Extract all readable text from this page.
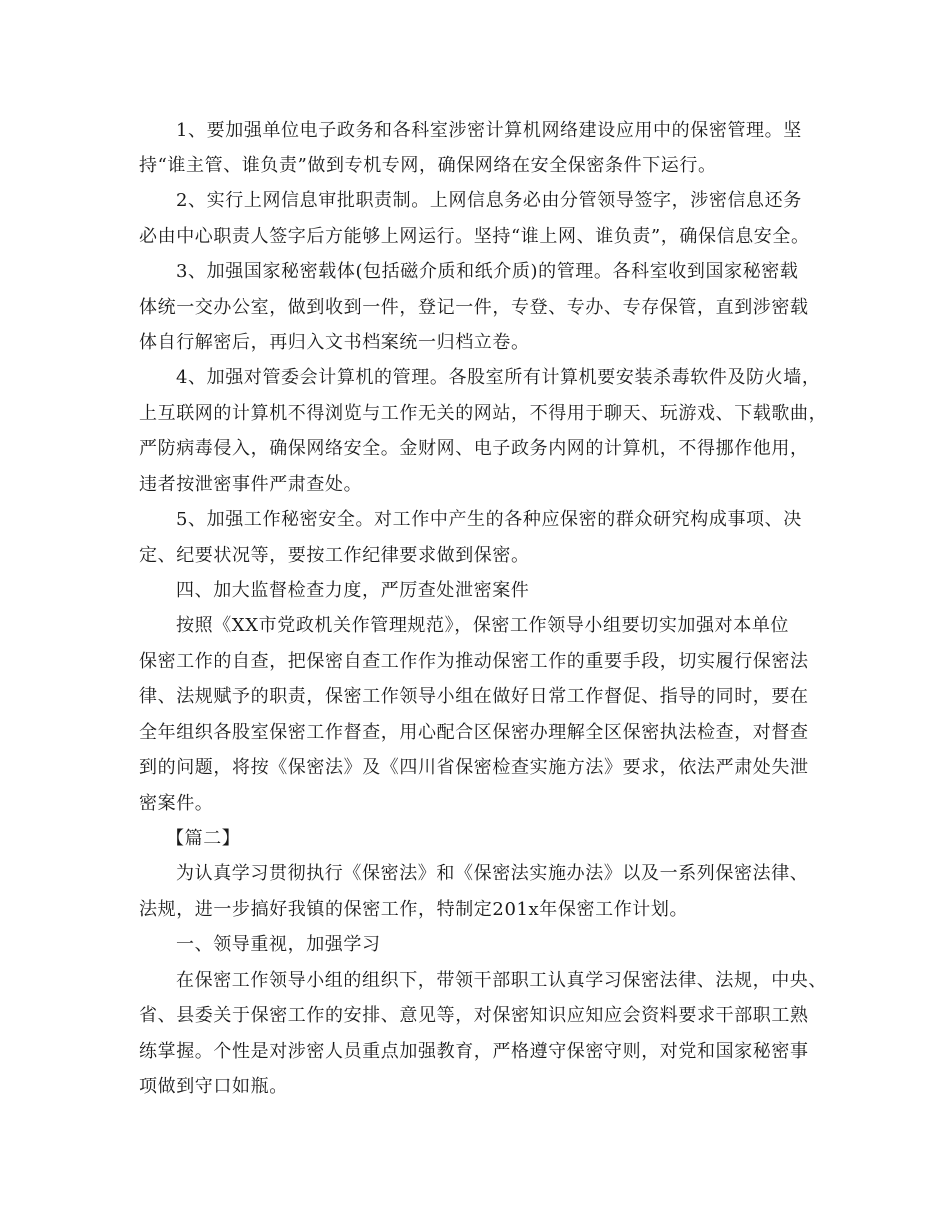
1、要加强单位电子政务和各科室涉密计算机网络建设应用中的保密管理。坚
持“谁主管、谁负责”做到专机专网，确保网络在安全保密条件下运行。
2、实行上网信息审批职责制。上网信息务必由分管领导签字，涉密信息还务
必由中心职责人签字后方能够上网运行。坚持“谁上网、谁负责”，确保信息安全。
3、加强国家秘密载体(包括磁介质和纸介质)的管理。各科室收到国家秘密载
体统一交办公室，做到收到一件，登记一件，专登、专办、专存保管，直到涉密载
体自行解密后，再归入文书档案统一归档立卷。
4、加强对管委会计算机的管理。各股室所有计算机要安装杀毒软件及防火墙，
上互联网的计算机不得浏览与工作无关的网站，不得用于聊天、玩游戏、下载歌曲，
严防病毒侵入，确保网络安全。金财网、电子政务内网的计算机，不得挪作他用，
违者按泄密事件严肃查处。
5、加强工作秘密安全。对工作中产生的各种应保密的群众研究构成事项、决
定、纪要状况等，要按工作纪律要求做到保密。
四、加大监督检查力度，严厉查处泄密案件
按照《XX市党政机关作管理规范》，保密工作领导小组要切实加强对本单位
保密工作的自查，把保密自查工作作为推动保密工作的重要手段，切实履行保密法
律、法规赋予的职责，保密工作领导小组在做好日常工作督促、指导的同时，要在
全年组织各股室保密工作督查，用心配合区保密办理解全区保密执法检查，对督查
到的问题，将按《保密法》及《四川省保密检查实施方法》要求，依法严肃处失泄
密案件。
【篇二】
为认真学习贯彻执行《保密法》和《保密法实施办法》以及一系列保密法律、
法规，进一步搞好我镇的保密工作，特制定201x年保密工作计划。
一、领导重视，加强学习
在保密工作领导小组的组织下，带领干部职工认真学习保密法律、法规，中央、
省、县委关于保密工作的安排、意见等，对保密知识应知应会资料要求干部职工熟
练掌握。个性是对涉密人员重点加强教育，严格遵守保密守则，对党和国家秘密事
项做到守口如瓶。
